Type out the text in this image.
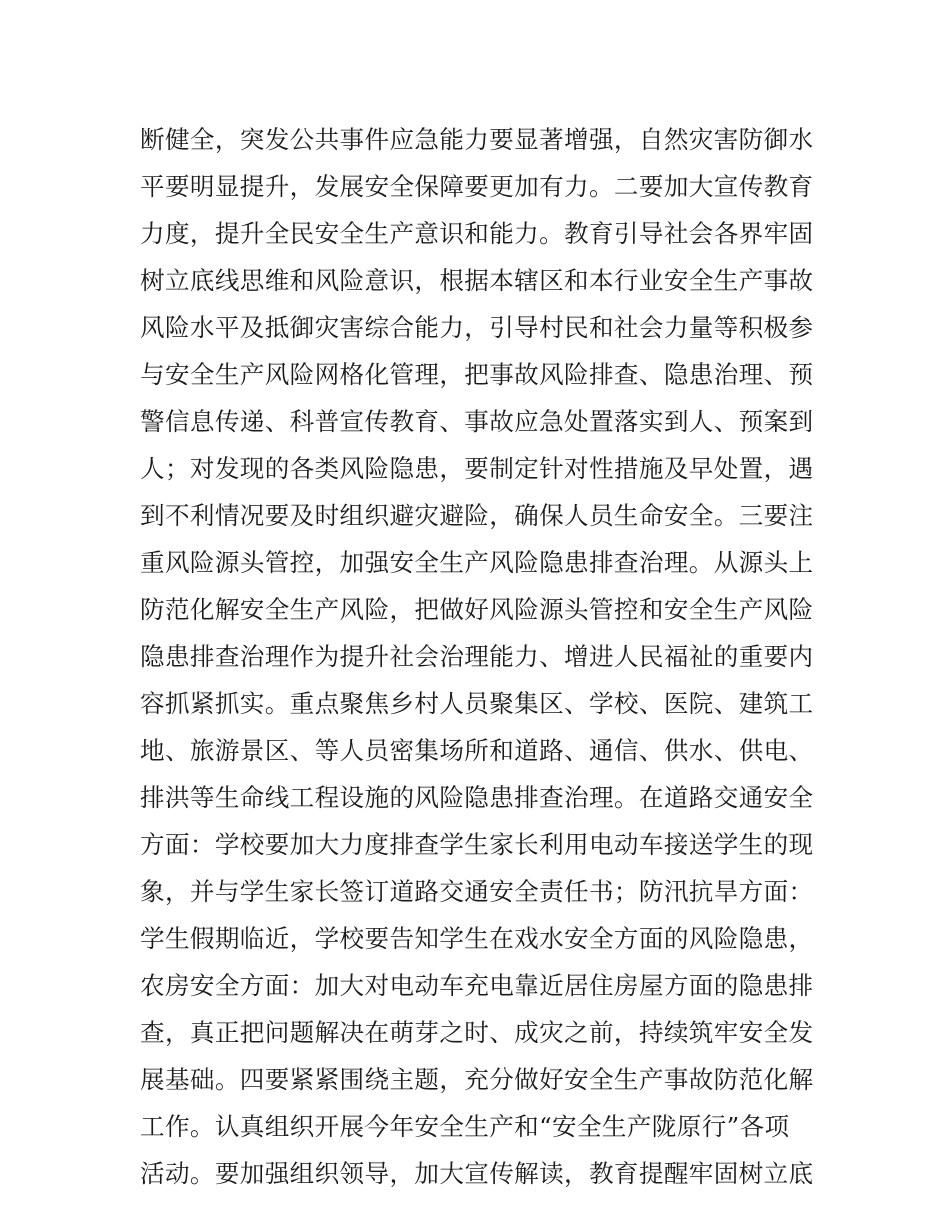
断健全，突发公共事件应急能力要显著增强，自然灾害防御水
平要明显提升，发展安全保障要更加有力。二要加大宣传教育
力度，提升全民安全生产意识和能力。教育引导社会各界牢固
树立底线思维和风险意识，根据本辖区和本行业安全生产事故
风险水平及抵御灾害综合能力，引导村民和社会力量等积极参
与安全生产风险网格化管理，把事故风险排查、隐患治理、预
警信息传递、科普宣传教育、事故应急处置落实到人、预案到
人；对发现的各类风险隐患，要制定针对性措施及早处置，遇
到不利情况要及时组织避灾避险，确保人员生命安全。三要注
重风险源头管控，加强安全生产风险隐患排查治理。从源头上
防范化解安全生产风险，把做好风险源头管控和安全生产风险
隐患排查治理作为提升社会治理能力、增进人民福祉的重要内
容抓紧抓实。重点聚焦乡村人员聚集区、学校、医院、建筑工
地、旅游景区、等人员密集场所和道路、通信、供水、供电、
排洪等生命线工程设施的风险隐患排查治理。在道路交通安全
方面：学校要加大力度排查学生家长利用电动车接送学生的现
象，并与学生家长签订道路交通安全责任书；防汛抗旱方面：
学生假期临近，学校要告知学生在戏水安全方面的风险隐患，
农房安全方面：加大对电动车充电靠近居住房屋方面的隐患排
查，真正把问题解决在萌芽之时、成灾之前，持续筑牢安全发
展基础。四要紧紧围绕主题，充分做好安全生产事故防范化解
工作。认真组织开展今年安全生产和“安全生产陇原行”各项
活动。要加强组织领导，加大宣传解读，教育提醒牢固树立底
